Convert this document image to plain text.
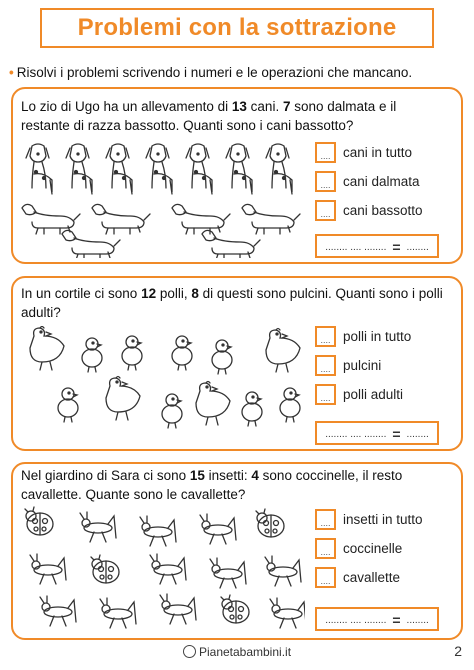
Problemi con la sottrazione
• Risolvi i problemi scrivendo i numeri e le operazioni che mancano.
Lo zio di Ugo ha un allevamento di 13 cani. 7 sono dalmata e il restante di razza bassotto. Quanti sono i cani bassotto?
.... cani in tutto
.... cani dalmata
.... cani bassotto
........
....
........ = ........
In un cortile ci sono 12 polli, 8 di questi sono pulcini. Quanti sono i polli adulti?
.... polli in tutto
.... pulcini
.... polli adulti
........
....
........ = ........
Nel giardino di Sara ci sono 15 insetti: 4 sono coccinelle, il resto cavallette. Quante sono le cavallette?
.... insetti in tutto
.... coccinelle
.... cavallette
........
....
........ = ........
Pianetabambini.it	2
